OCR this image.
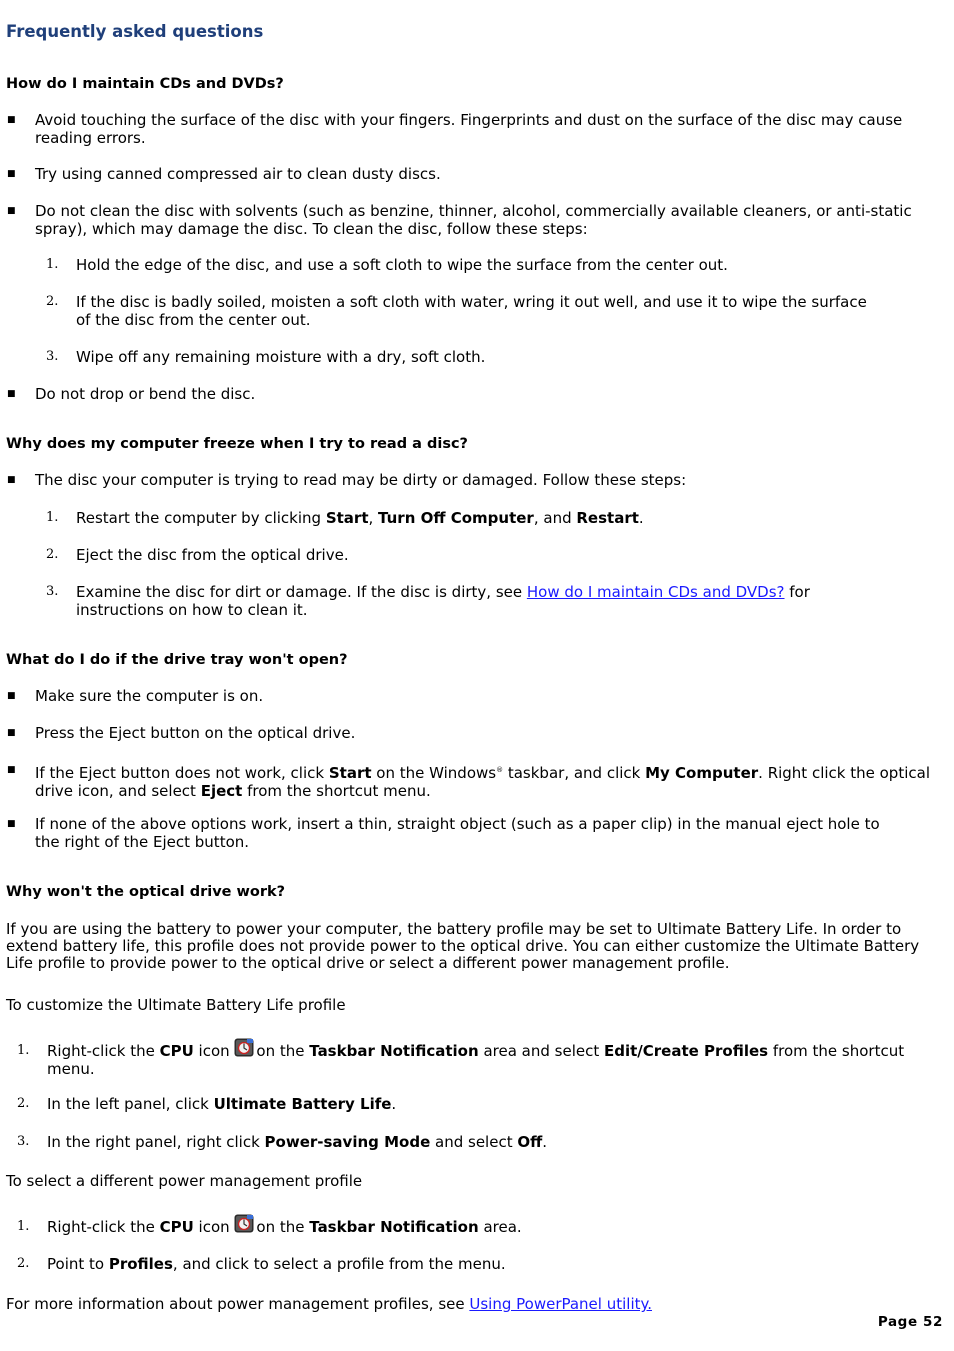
Frequently asked questions
How do I maintain CDs and DVDs?
■ Avoid touching the surface of the disc with your fingers. Fingerprints and dust on the surface of the disc may cause
reading errors.
■ Try using canned compressed air to clean dusty discs.
■ Do not clean the disc with solvents (such as benzine, thinner, alcohol, commercially available cleaners, or anti-static
spray), which may damage the disc. To clean the disc, follow these steps:
1. Hold the edge of the disc, and use a soft cloth to wipe the surface from the center out.
2. If the disc is badly soiled, moisten a soft cloth with water, wring it out well, and use it to wipe the surface
of the disc from the center out.
3. Wipe off any remaining moisture with a dry, soft cloth.
■ Do not drop or bend the disc.
Why does my computer freeze when I try to read a disc?
■ The disc your computer is trying to read may be dirty or damaged. Follow these steps:
1. Restart the computer by clicking Start, Turn Off Computer, and Restart.
2. Eject the disc from the optical drive.
3. Examine the disc for dirt or damage. If the disc is dirty, see How do I maintain CDs and DVDs? for
instructions on how to clean it.
What do I do if the drive tray won't open?
■ Make sure the computer is on.
■ Press the Eject button on the optical drive.
■ If the Eject button does not work, click Start on the Windows® taskbar, and click My Computer. Right click the optical
drive icon, and select Eject from the shortcut menu.
■ If none of the above options work, insert a thin, straight object (such as a paper clip) in the manual eject hole to
the right of the Eject button.
Why won't the optical drive work?
If you are using the battery to power your computer, the battery profile may be set to Ultimate Battery Life. In order to
extend battery life, this profile does not provide power to the optical drive. You can either customize the Ultimate Battery
Life profile to provide power to the optical drive or select a different power management profile.
To customize the Ultimate Battery Life profile
1. Right-click the CPU icon on the Taskbar Notification area and select Edit/Create Profiles from the shortcut
menu.
2. In the left panel, click Ultimate Battery Life.
3. In the right panel, right click Power-saving Mode and select Off.
To select a different power management profile
1. Right-click the CPU icon on the Taskbar Notification area.
2. Point to Profiles, and click to select a profile from the menu.
For more information about power management profiles, see Using PowerPanel utility.
Page 52
